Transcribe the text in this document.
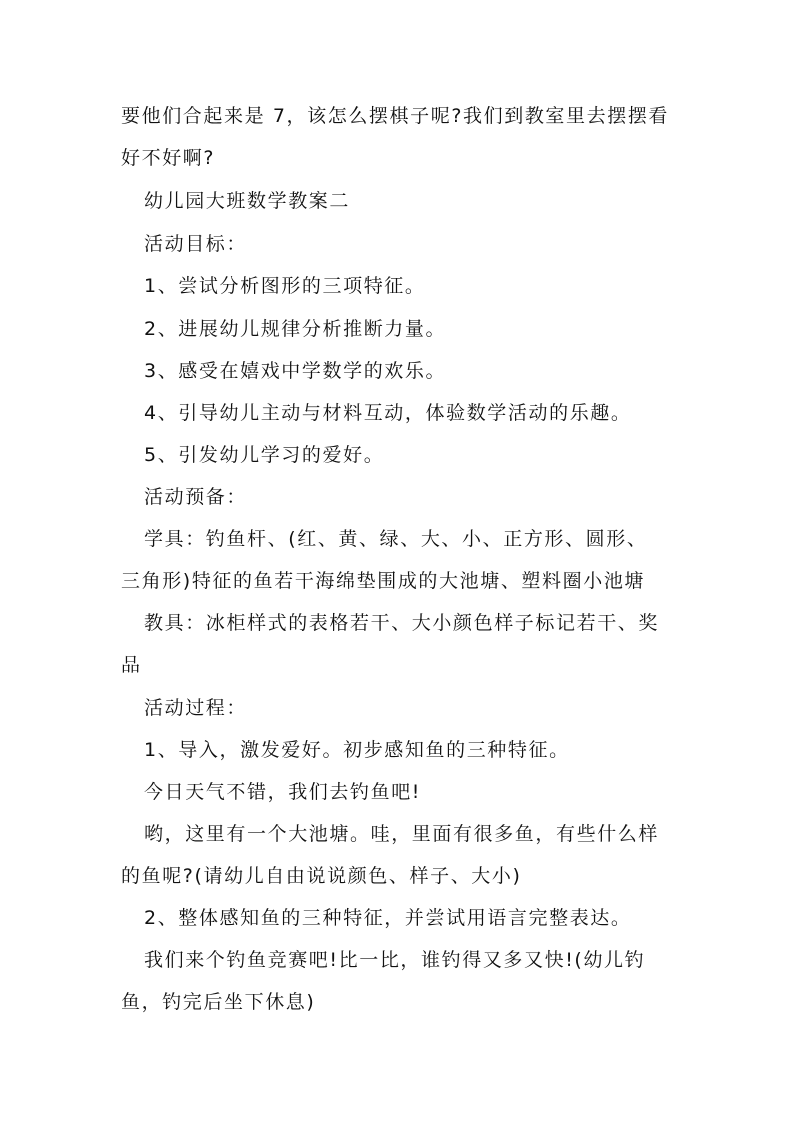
要他们合起来是 7，该怎么摆棋子呢?我们到教室里去摆摆看
好不好啊?
幼儿园大班数学教案二
活动目标：
1、尝试分析图形的三项特征。
2、进展幼儿规律分析推断力量。
3、感受在嬉戏中学数学的欢乐。
4、引导幼儿主动与材料互动，体验数学活动的乐趣。
5、引发幼儿学习的爱好。
活动预备：
学具：钓鱼杆、(红、黄、绿、大、小、正方形、圆形、
三角形)特征的鱼若干海绵垫围成的大池塘、塑料圈小池塘
教具：冰柜样式的表格若干、大小颜色样子标记若干、奖
品
活动过程：
1、导入，激发爱好。初步感知鱼的三种特征。
今日天气不错，我们去钓鱼吧!
哟，这里有一个大池塘。哇，里面有很多鱼，有些什么样
的鱼呢?(请幼儿自由说说颜色、样子、大小)
2、整体感知鱼的三种特征，并尝试用语言完整表达。
我们来个钓鱼竞赛吧!比一比，谁钓得又多又快!(幼儿钓
鱼，钓完后坐下休息)
